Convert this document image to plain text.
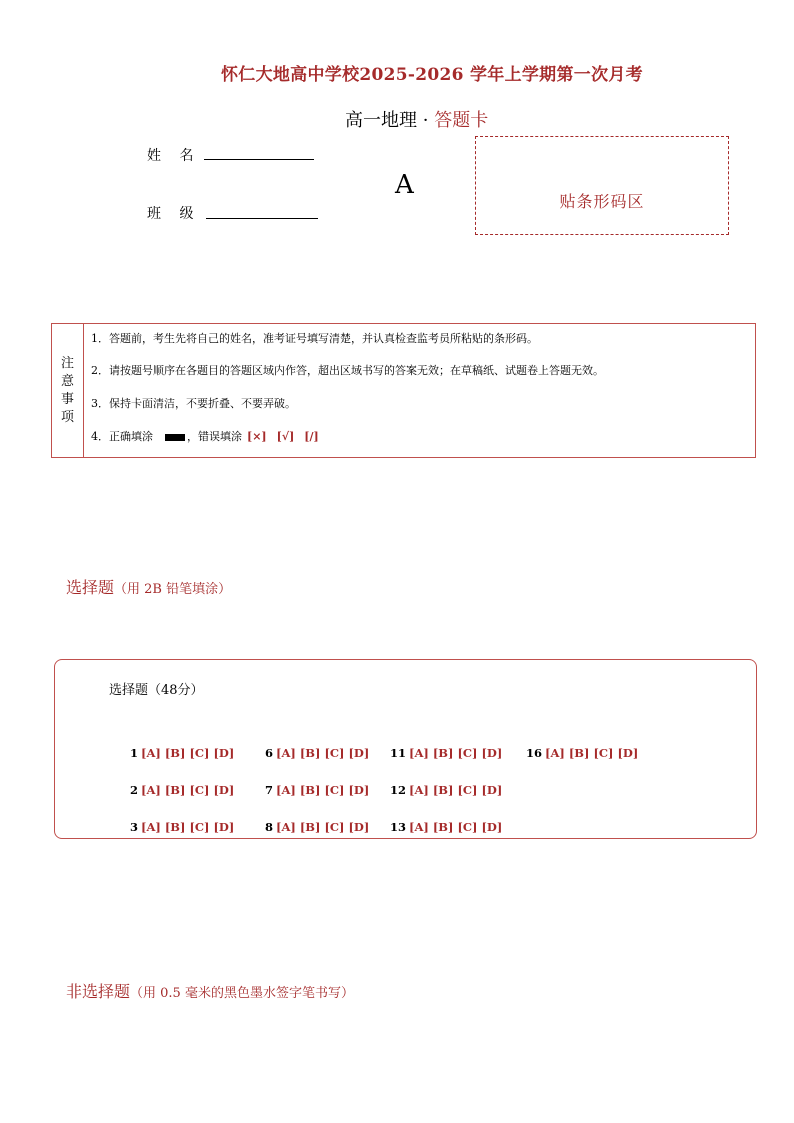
怀仁大地高中学校2025-2026 学年上学期第一次月考
高一地理 · 答题卡
姓　 名
班　 级
A
贴条形码区
注
意
事
项
1．答题前，考生先将自己的姓名，准考证号填写清楚，并认真检查监考员所粘贴的条形码。
2．请按题号顺序在各题目的答题区域内作答，超出区域书写的答案无效；在草稿纸、试题卷上答题无效。
3．保持卡面清洁，不要折叠、不要弄破。
4．正确填涂	，错误填涂 [×] [√] [/]
选择题（用 2B 铅笔填涂）
选择题（48分）
1 [A] [B] [C] [D]	6 [A] [B] [C] [D]	11 [A] [B] [C] [D]	16 [A] [B] [C] [D]
2 [A] [B] [C] [D]	7 [A] [B] [C] [D]	12 [A] [B] [C] [D]
3 [A] [B] [C] [D]	8 [A] [B] [C] [D]	13 [A] [B] [C] [D]
非选择题（用 0.5 毫米的黑色墨水签字笔书写）
